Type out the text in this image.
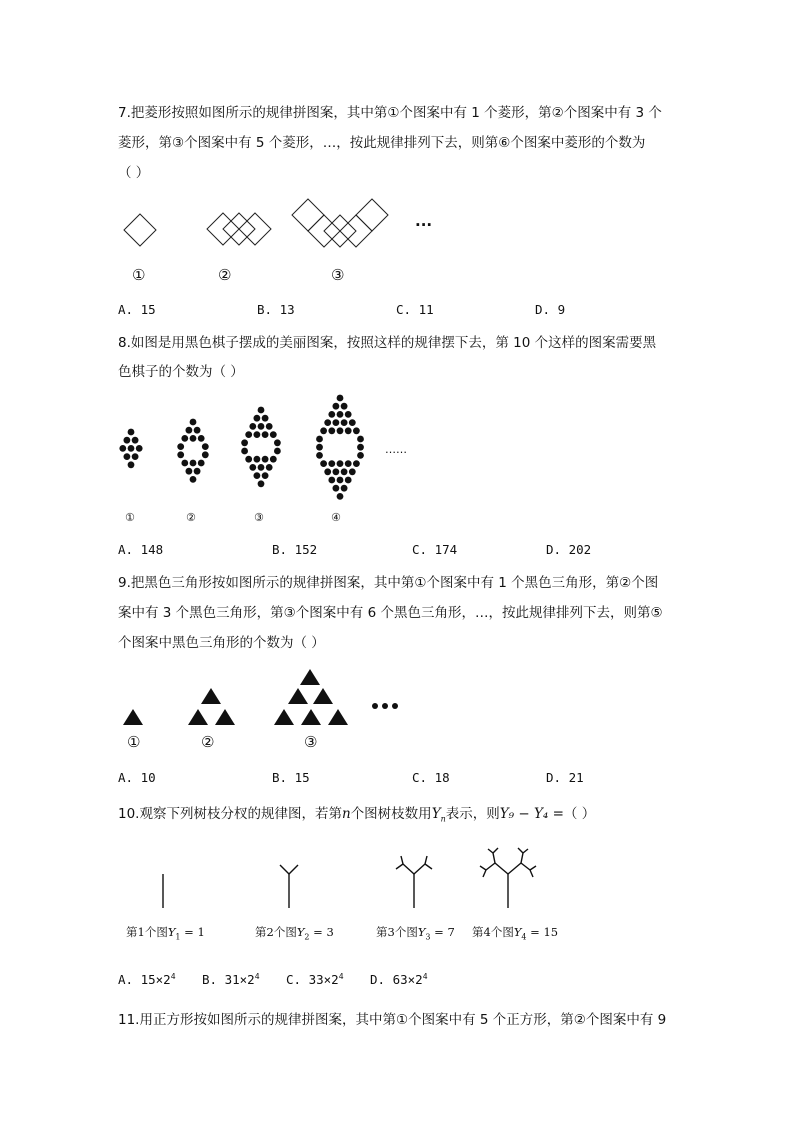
7.把菱形按照如图所示的规律拼图案，其中第①个图案中有 1 个菱形，第②个图案中有 3 个
菱形，第③个图案中有 5 个菱形，…，按此规律排列下去，则第⑥个图案中菱形的个数为
（ ）
①	②	③
···
A. 15	B. 13	C. 11	D. 9
8.如图是用黑色棋子摆成的美丽图案，按照这样的规律摆下去，第 10 个这样的图案需要黑
色棋子的个数为（ ）
①	②	③	④
……
A. 148	B. 152	C. 174	D. 202
9.把黑色三角形按如图所示的规律拼图案，其中第①个图案中有 1 个黑色三角形，第②个图
案中有 3 个黑色三角形，第③个图案中有 6 个黑色三角形，…，按此规律排列下去，则第⑤
个图案中黑色三角形的个数为（ ）
①	②	③
A. 10	B. 15	C. 18	D. 21
10.观察下列树枝分杈的规律图，若第n个图树枝数用$Y_n$表示，则Y₉ − Y₄ =（ ）
第1个图$Y_1 = 1$	第2个图$Y_2 = 3$	第3个图$Y_3 = 7$ 第4个图$Y_4 = 15$
A. $15\times 2^4$ B. $31\times 2^4$ C. $33\times 2^4$ D. $63\times 2^4$
11.用正方形按如图所示的规律拼图案，其中第①个图案中有 5 个正方形，第②个图案中有 9
